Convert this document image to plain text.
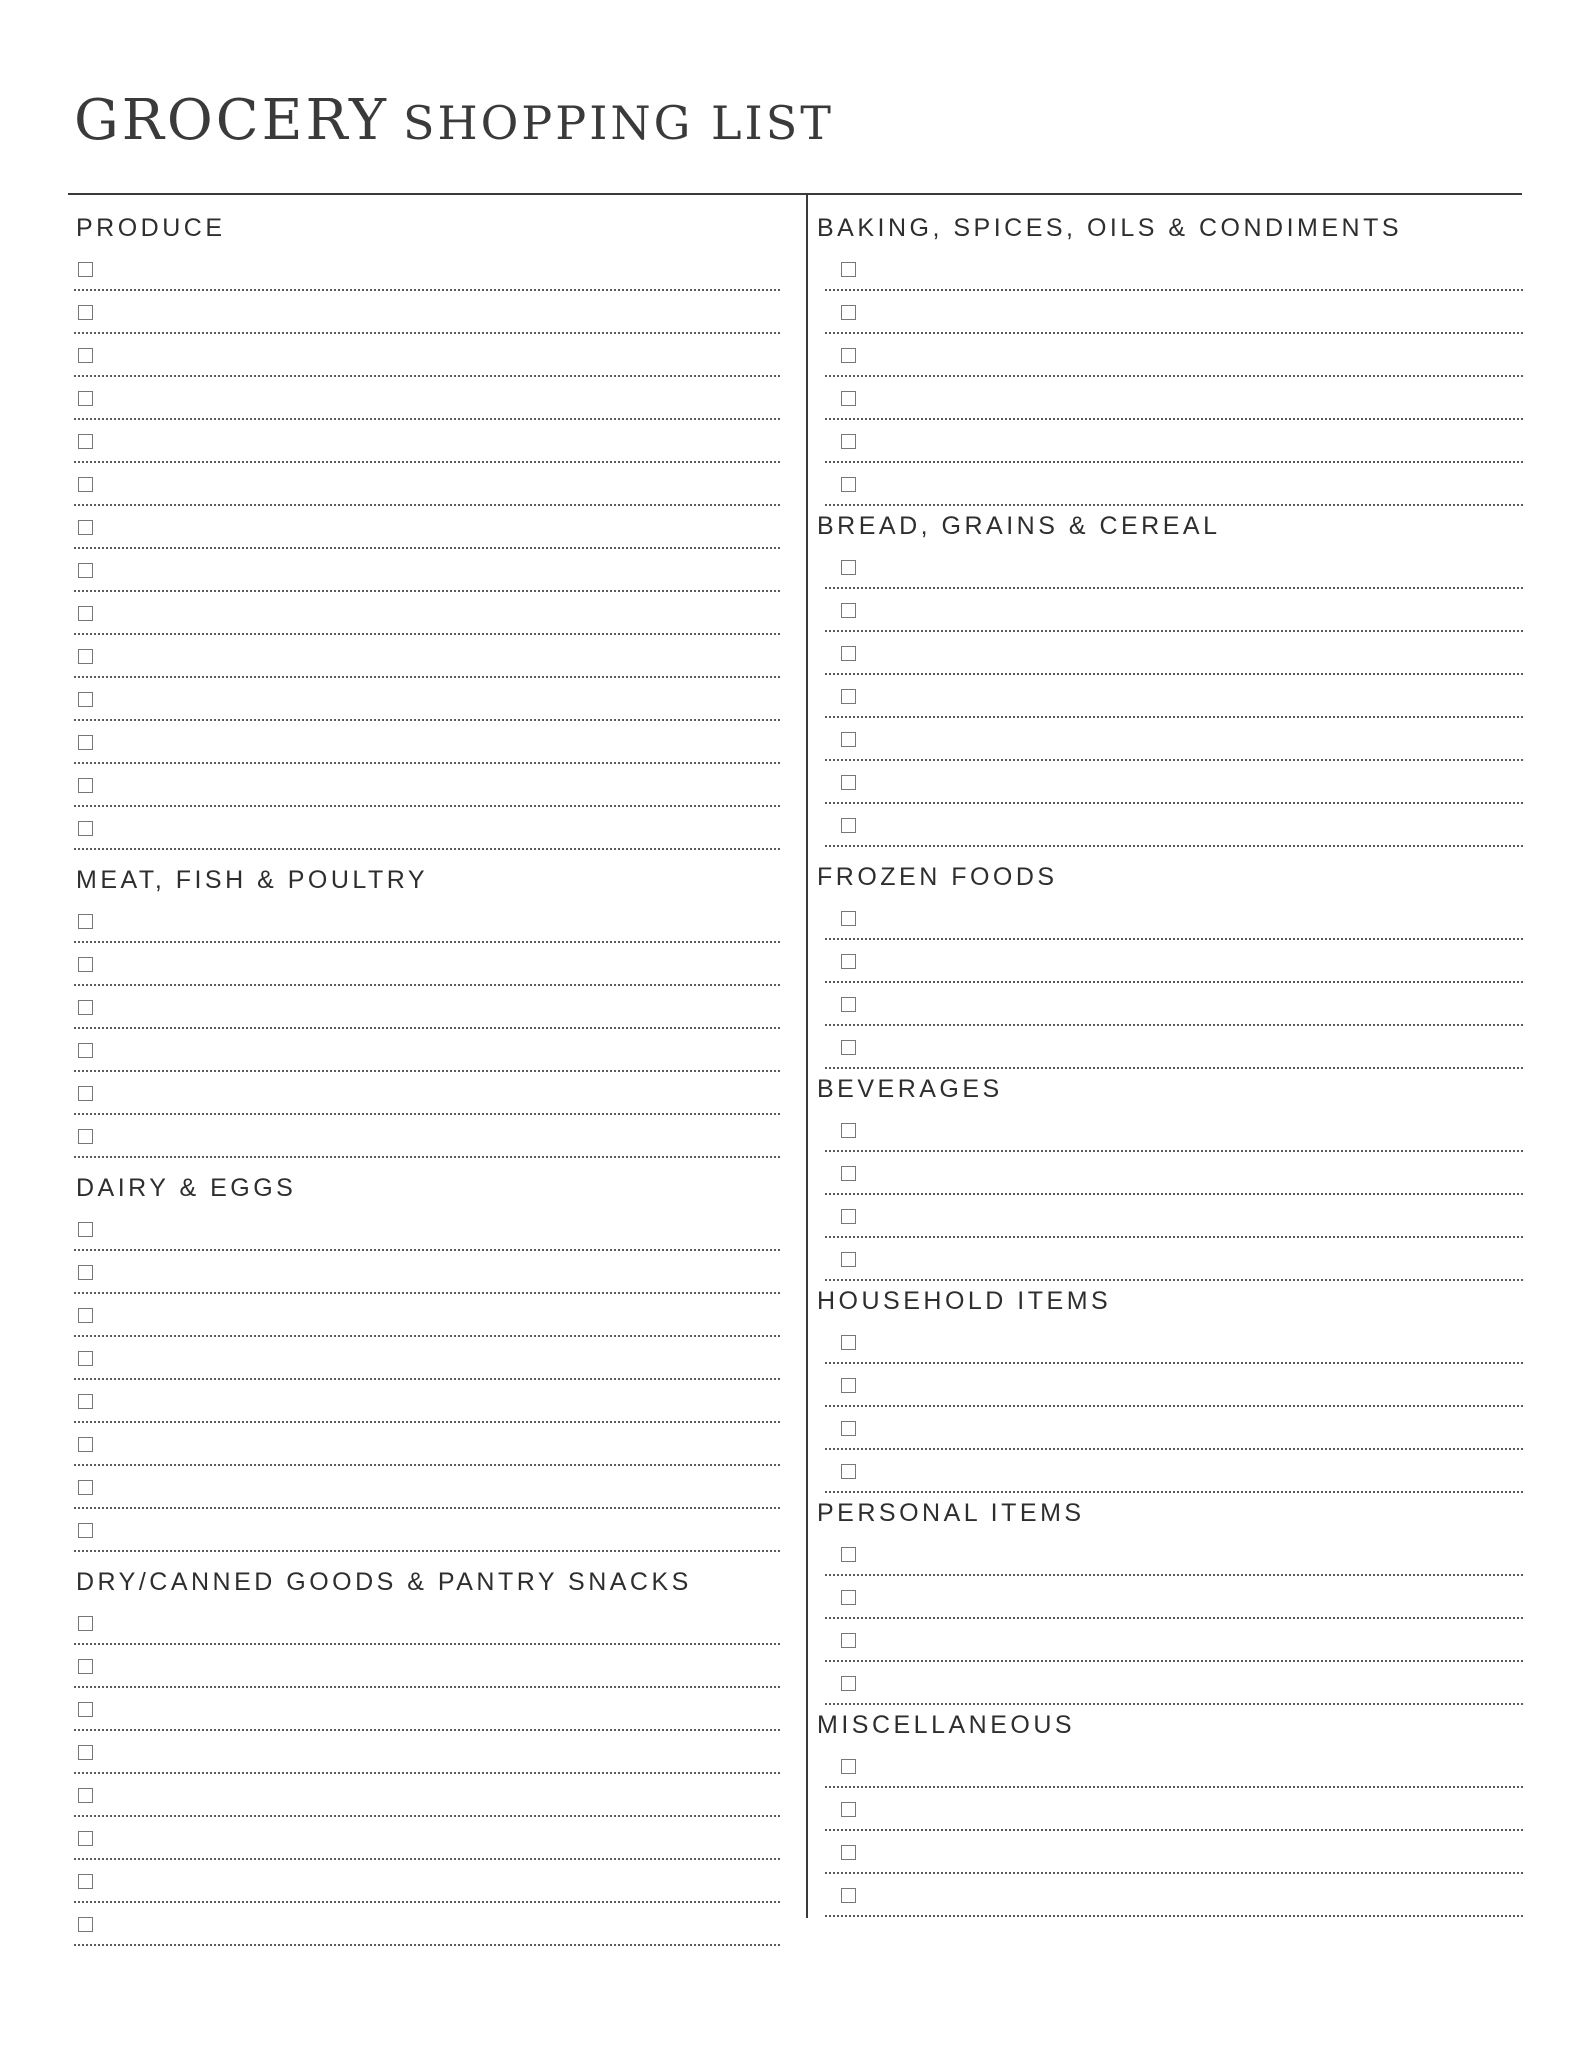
GROCERY SHOPPING LIST
PRODUCE
MEAT, FISH & POULTRY
DAIRY & EGGS
DRY/CANNED GOODS & PANTRY SNACKS
BAKING, SPICES, OILS & CONDIMENTS
BREAD, GRAINS & CEREAL
FROZEN FOODS
BEVERAGES
HOUSEHOLD ITEMS
PERSONAL ITEMS
MISCELLANEOUS
